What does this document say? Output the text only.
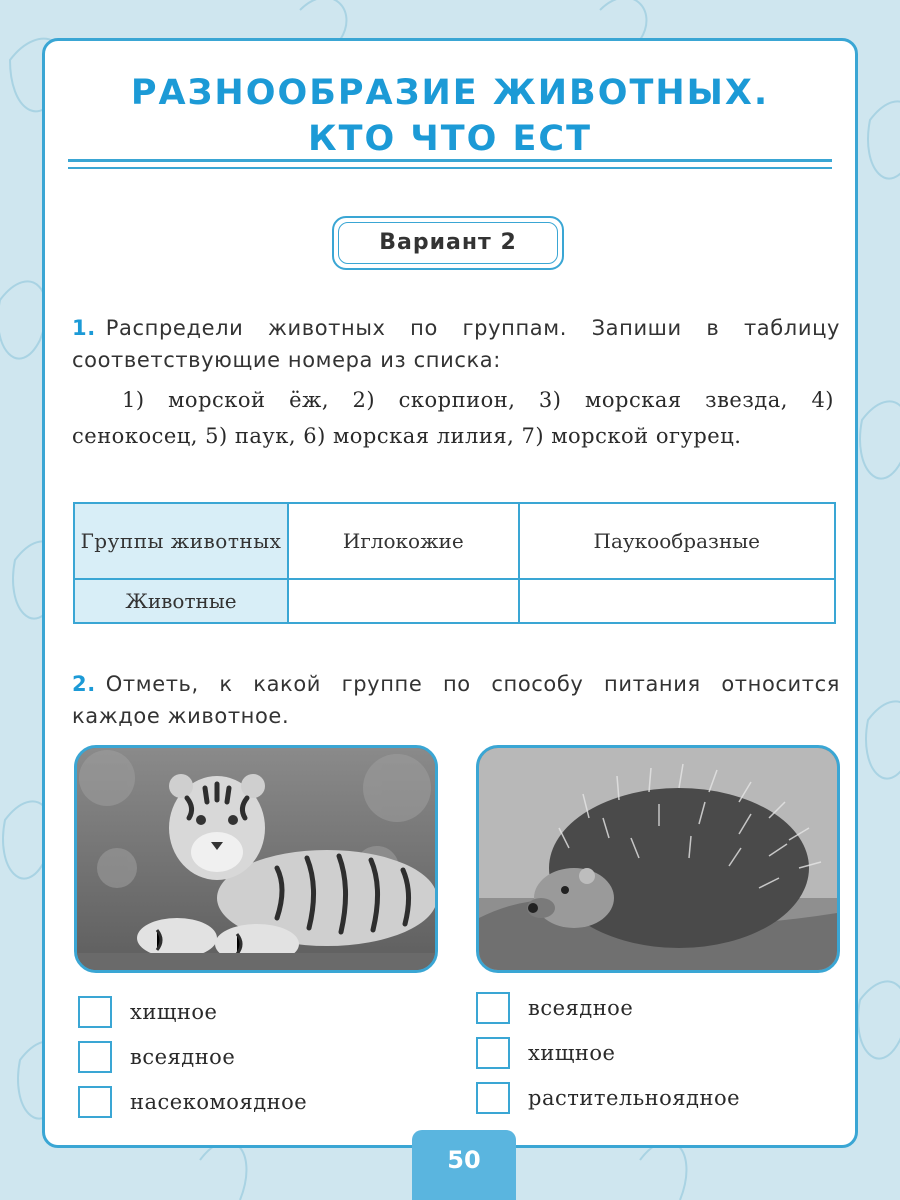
РАЗНООБРАЗИЕ ЖИВОТНЫХ.
КТО ЧТО ЕСТ
Вариант 2
1. Распредели животных по группам. Запиши в таблицу соответствующие номера из списка:
1) морской ёж, 2) скорпион, 3) морская звезда, 4) сенокосец, 5) паук, 6) морская лилия, 7) морской огурец.
Группы животных	Иглокожие	Паукообразные
Животные		
2. Отметь, к какой группе по способу питания относится каждое животное.
хищное
всеядное
насекомоядное
всеядное
хищное
растительноядное
50
